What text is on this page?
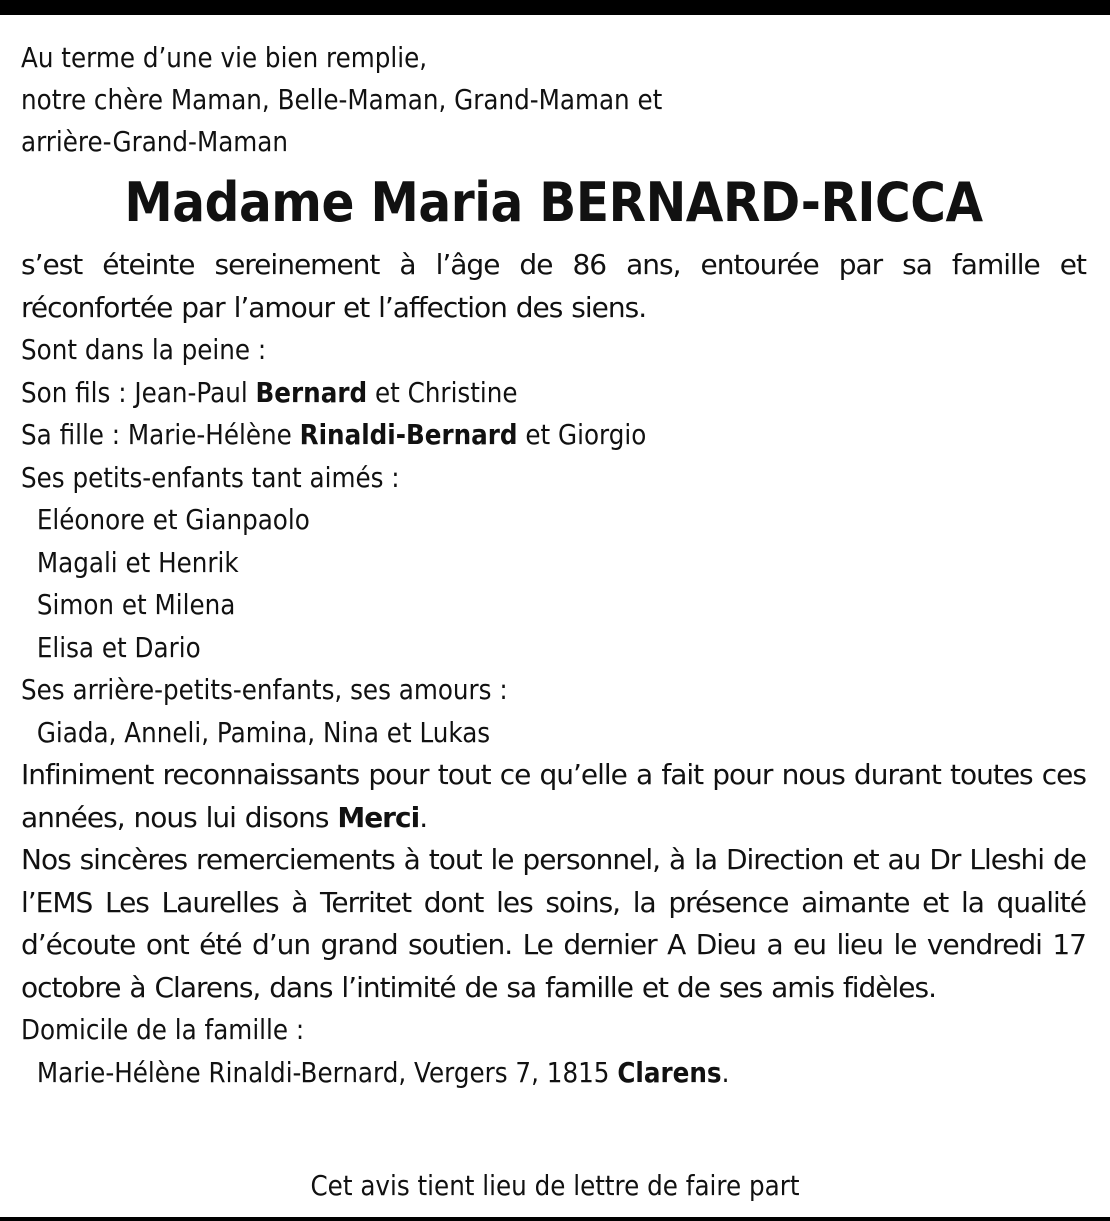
Au terme d’une vie bien remplie,
notre chère Maman, Belle-Maman, Grand-Maman et
arrière-Grand-Maman
Madame Maria BERNARD-RICCA
s’est éteinte sereinement à l’âge de 86 ans, entourée par sa famille et réconfortée par l’amour et l’affection des siens.
Sont dans la peine :
Son fils : Jean-Paul Bernard et Christine
Sa fille : Marie-Hélène Rinaldi-Bernard et Giorgio
Ses petits-enfants tant aimés :
Eléonore et Gianpaolo
Magali et Henrik
Simon et Milena
Elisa et Dario
Ses arrière-petits-enfants, ses amours :
Giada, Anneli, Pamina, Nina et Lukas
Infiniment reconnaissants pour tout ce qu’elle a fait pour nous durant toutes ces années, nous lui disons Merci.
Nos sincères remerciements à tout le personnel, à la Direction et au Dr Lleshi de l’EMS Les Laurelles à Territet dont les soins, la présence aimante et la qualité d’écoute ont été d’un grand soutien. Le dernier A Dieu a eu lieu le vendredi 17 octobre à Clarens, dans l’intimité de sa famille et de ses amis fidèles.
Domicile de la famille :
Marie-Hélène Rinaldi-Bernard, Vergers 7, 1815 Clarens.
Cet avis tient lieu de lettre de faire part
